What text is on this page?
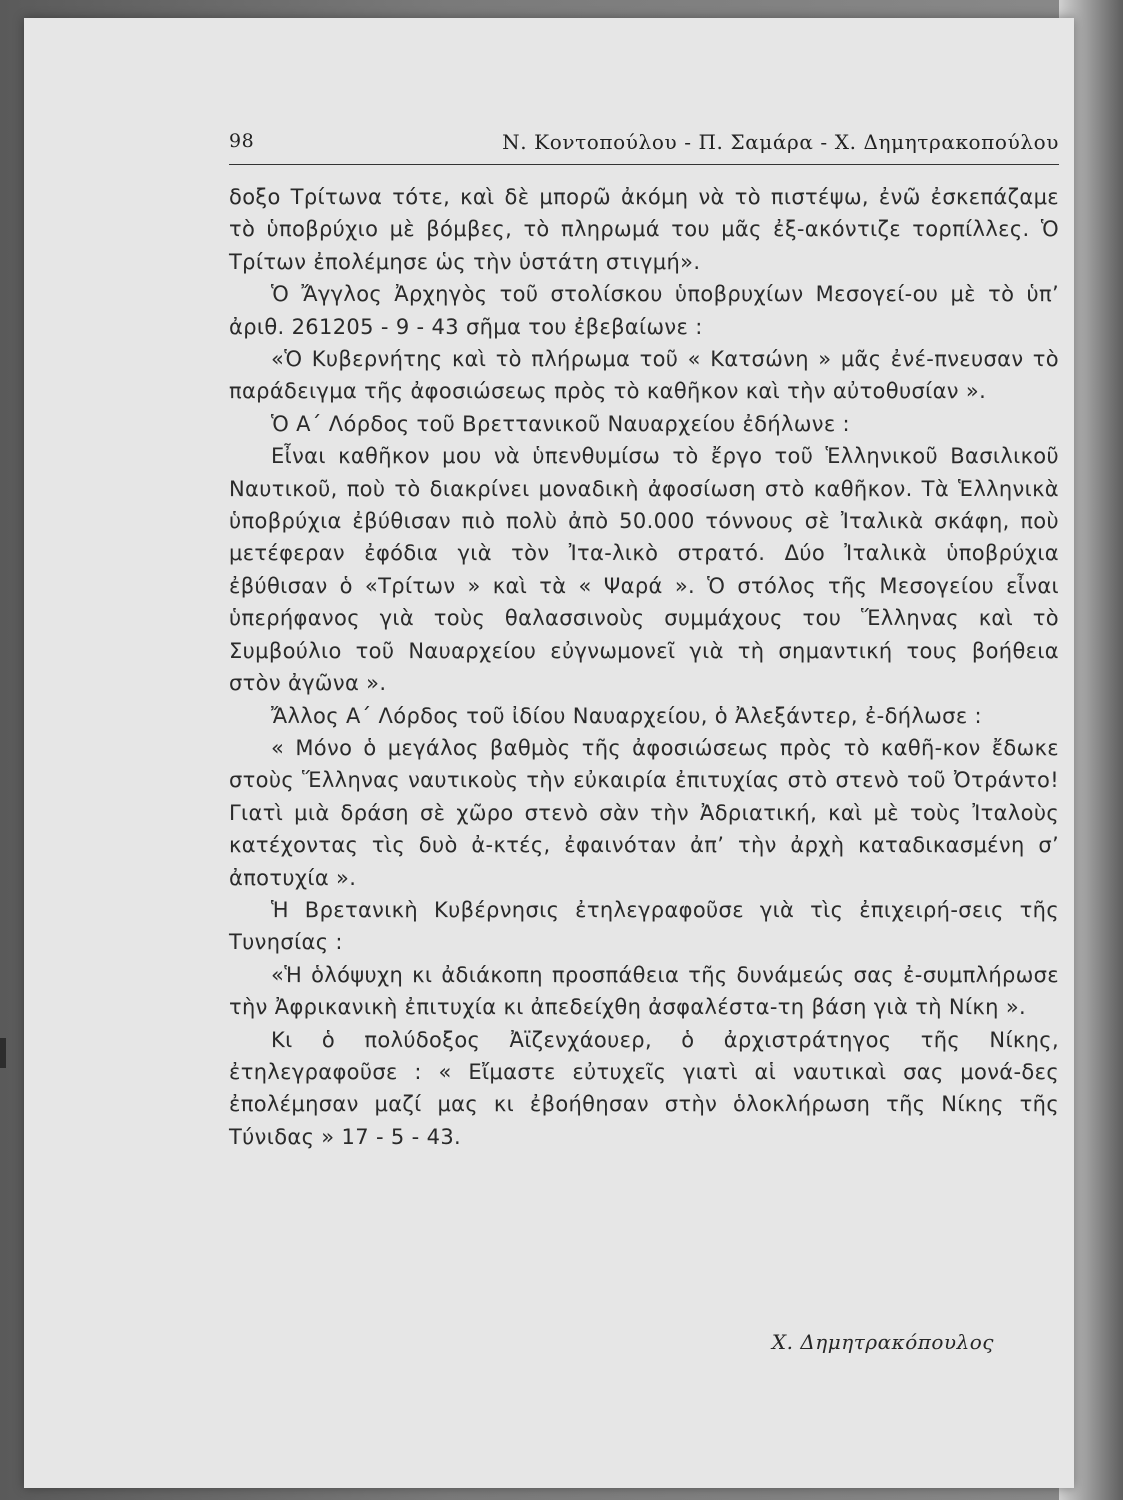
98	Ν. Κοντοπούλου - Π. Σαμάρα - Χ. Δημητρακοπούλου

δοξο Τρίτωνα τότε, καὶ δὲ μπορῶ ἀκόμη νὰ τὸ πιστέψω, ἐνῶ ἐσκεπάζαμε τὸ ὑποβρύχιο μὲ βόμβες, τὸ πληρωμά του μᾶς ἐξ-ακόντιζε τορπίλλες. Ὁ Τρίτων ἐπολέμησε ὡς τὴν ὑστάτη στιγμή».

Ὁ Ἄγγλος Ἀρχηγὸς τοῦ στολίσκου ὑποβρυχίων Μεσογεί-ου μὲ τὸ ὑπ’ ἀριθ. 261205 - 9 - 43 σῆμα του ἐβεβαίωνε :

«Ὁ Κυβερνήτης καὶ τὸ πλήρωμα τοῦ « Κατσώνη » μᾶς ἐνέ-πνευσαν τὸ παράδειγμα τῆς ἀφοσιώσεως πρὸς τὸ καθῆκον καὶ τὴν αὐτοθυσίαν ».

Ὁ Α΄ Λόρδος τοῦ Βρεττανικοῦ Ναυαρχείου ἐδήλωνε :

Εἶναι καθῆκον μου νὰ ὑπενθυμίσω τὸ ἔργο τοῦ Ἑλληνικοῦ Βασιλικοῦ Ναυτικοῦ, ποὺ τὸ διακρίνει μοναδικὴ ἀφοσίωση στὸ καθῆκον. Τὰ Ἑλληνικὰ ὑποβρύχια ἐβύθισαν πιὸ πολὺ ἀπὸ 50.000 τόννους σὲ Ἰταλικὰ σκάφη, ποὺ μετέφεραν ἐφόδια γιὰ τὸν Ἰτα-λικὸ στρατό. Δύο Ἰταλικὰ ὑποβρύχια ἐβύθισαν ὁ «Τρίτων » καὶ τὰ « Ψαρά ». Ὁ στόλος τῆς Μεσογείου εἶναι ὑπερήφανος γιὰ τοὺς θαλασσινοὺς συμμάχους του Ἕλληνας καὶ τὸ Συμβούλιο τοῦ Ναυαρχείου εὐγνωμονεῖ γιὰ τὴ σημαντική τους βοήθεια στὸν ἀγῶνα ».

Ἄλλος Α΄ Λόρδος τοῦ ἰδίου Ναυαρχείου, ὁ Ἀλεξάντερ, ἐ-δήλωσε :

« Μόνο ὁ μεγάλος βαθμὸς τῆς ἀφοσιώσεως πρὸς τὸ καθῆ-κον ἔδωκε στοὺς Ἕλληνας ναυτικοὺς τὴν εὐκαιρία ἐπιτυχίας στὸ στενὸ τοῦ Ὀτράντο! Γιατὶ μιὰ δράση σὲ χῶρο στενὸ σὰν τὴν Ἀδριατική, καὶ μὲ τοὺς Ἰταλοὺς κατέχοντας τὶς δυὸ ἀ-κτές, ἐφαινόταν ἀπ’ τὴν ἀρχὴ καταδικασμένη σ’ ἀποτυχία ».

Ἡ Βρετανικὴ Κυβέρνησις ἐτηλεγραφοῦσε γιὰ τὶς ἐπιχειρή-σεις τῆς Τυνησίας :

«Ἡ ὁλόψυχη κι ἀδιάκοπη προσπάθεια τῆς δυνάμεώς σας ἐ-συμπλήρωσε τὴν Ἀφρικανικὴ ἐπιτυχία κι ἀπεδείχθη ἀσφαλέστα-τη βάση γιὰ τὴ Νίκη ».

Κι ὁ πολύδοξος Ἀϊζενχάουερ, ὁ ἀρχιστράτηγος τῆς Νίκης, ἐτηλεγραφοῦσε : « Εἴμαστε εὐτυχεῖς γιατὶ αἱ ναυτικαὶ σας μονά-δες ἐπολέμησαν μαζί μας κι ἐβοήθησαν στὴν ὁλοκλήρωση τῆς Νίκης τῆς Τύνιδας » 17 - 5 - 43.

Χ. Δημητρακόπουλος
